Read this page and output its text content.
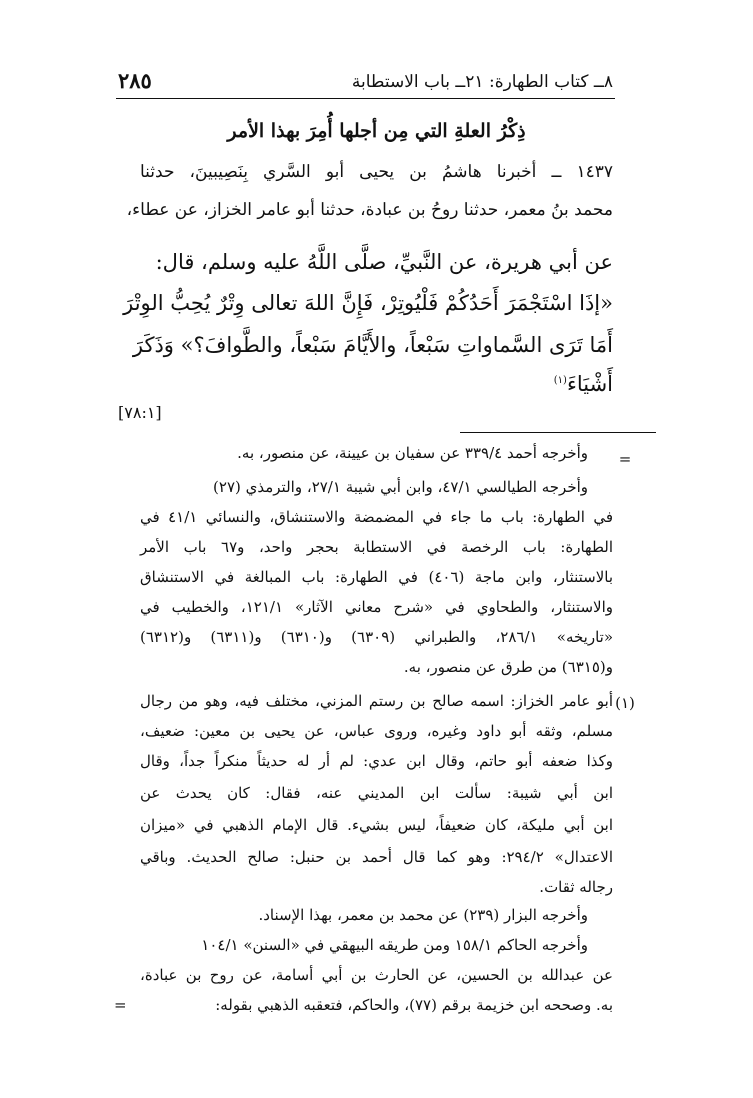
٨ــ كتاب الطهارة: ٢١ــ باب الاستطابة
٢٨٥
ذِكْرُ العلةِ التي مِن أجلها أُمِرَ بهذا الأمر
١٤٣٧ ــ أخبرنا هاشمُ بن يحيى أبو السَّري بِنَصِيبينَ، حدثنا
محمد بنُ معمر، حدثنا روحُ بن عبادة، حدثنا أبو عامر الخزاز، عن عطاء،
عن أبي هريرة، عن النَّبيِّ، صلَّى اللَّهُ عليه وسلم، قال:
«إذَا اسْتَجْمَرَ أَحَدُكُمْ فَلْيُوتِرْ، فَإِنَّ اللهَ تعالى وِتْرٌ يُحِبُّ الوِتْرَ
أَمَا تَرَى السَّماواتِ سَبْعاً، والأَيَّامَ سَبْعاً، والطَّوافَ؟» وَذَكَرَ
أَشْيَاءَ$^{(١)}$
[٧٨:١]
=
وأخرجه أحمد ٣٣٩/٤ عن سفيان بن عيينة، عن منصور، به.
وأخرجه الطيالسي ٤٧/١، وابن أبي شيبة ٢٧/١، والترمذي (٢٧)
في الطهارة: باب ما جاء في المضمضة والاستنشاق، والنسائي ٤١/١ في
الطهارة: باب الرخصة في الاستطابة بحجر واحد، و٦٧ باب الأمر
بالاستنثار، وابن ماجة (٤٠٦) في الطهارة: باب المبالغة في الاستنشاق
والاستنثار، والطحاوي في «شرح معاني الآثار» ١٢١/١، والخطيب في
«تاريخه» ٢٨٦/١، والطبراني (٦٣٠٩) و(٦٣١٠) و(٦٣١١) و(٦٣١٢)
و(٦٣١٥) من طرق عن منصور، به.
(١)
أبو عامر الخزاز: اسمه صالح بن رستم المزني، مختلف فيه، وهو من رجال
مسلم، وثقه أبو داود وغيره، وروى عباس، عن يحيى بن معين: ضعيف،
وكذا ضعفه أبو حاتم، وقال ابن عدي: لم أر له حديثاً منكراً جداً، وقال
ابن أبي شيبة: سألت ابن المديني عنه، فقال: كان يحدث عن
ابن أبي مليكة، كان ضعيفاً، ليس بشيء. قال الإمام الذهبي في «ميزان
الاعتدال» ٢٩٤/٢: وهو كما قال أحمد بن حنبل: صالح الحديث. وباقي
رجاله ثقات.
وأخرجه البزار (٢٣٩) عن محمد بن معمر، بهذا الإسناد.
وأخرجه الحاكم ١٥٨/١ ومن طريقه البيهقي في «السنن» ١٠٤/١
عن عبدالله بن الحسين، عن الحارث بن أبي أسامة، عن روح بن عبادة،
به. وصححه ابن خزيمة برقم (٧٧)، والحاكم، فتعقبه الذهبي بقوله:
=
